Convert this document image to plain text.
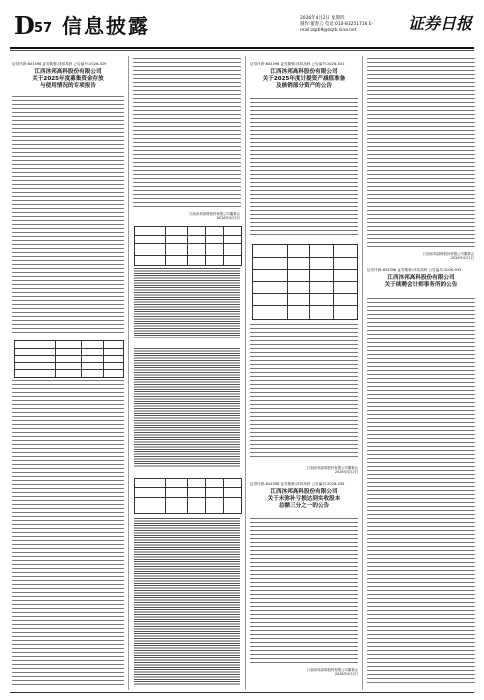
D 57 信息披露	2026年4月2日 星期四
制作:董春云 电话:010-83251716 E-mail:zqrb9@zqrb.sina.net	证券日报
证券代码:603398 证券简称:沐邦高科 公告编号:2026-029
江西沐邦高科股份有限公司
关于2025年度募集资金存放
与使用情况的专项报告
江西沐邦高科股份有限公司董事会
2026年4月2日
证券代码:603398 证券简称:沐邦高科 公告编号:2026-031
江西沐邦高科股份有限公司
关于2025年度计提资产减值准备
及核销部分资产的公告
江西沐邦高科股份有限公司董事会
2026年4月2日
证券代码:603398 证券简称:沐邦高科 公告编号:2026-035
江西沐邦高科股份有限公司
关于未弥补亏损达到实收股本
总额三分之一的公告
江西沐邦高科股份有限公司董事会
2026年4月2日
江西沐邦高科股份有限公司董事会
2026年4月2日
证券代码:603398 证券简称:沐邦高科 公告编号:2026-033
江西沐邦高科股份有限公司
关于续聘会计师事务所的公告
